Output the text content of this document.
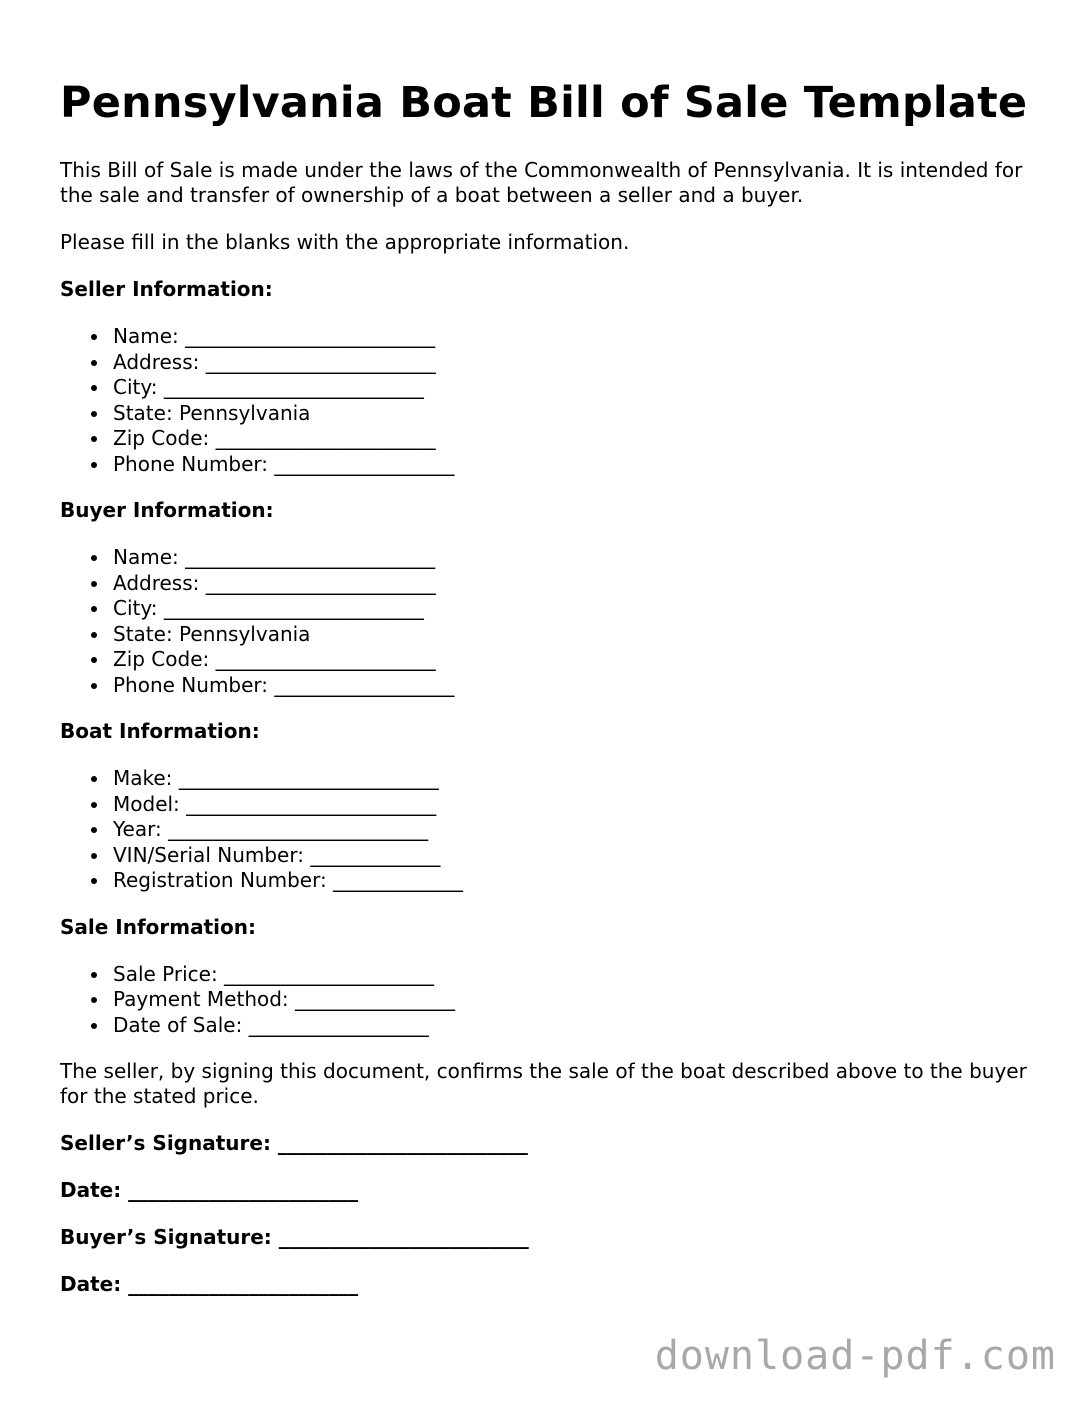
Pennsylvania Boat Bill of Sale Template

This Bill of Sale is made under the laws of the Commonwealth of Pennsylvania. It is intended for the sale and transfer of ownership of a boat between a seller and a buyer.

Please fill in the blanks with the appropriate information.

Seller Information:
Name: _________________________
Address: _______________________
City: __________________________
State: Pennsylvania
Zip Code: ______________________
Phone Number: __________________
Buyer Information:
Name: _________________________
Address: _______________________
City: __________________________
State: Pennsylvania
Zip Code: ______________________
Phone Number: __________________
Boat Information:
Make: __________________________
Model: _________________________
Year: __________________________
VIN/Serial Number: _____________
Registration Number: _____________
Sale Information:
Sale Price: _____________________
Payment Method: ________________
Date of Sale: __________________

The seller, by signing this document, confirms the sale of the boat described above to the buyer for the stated price.

Seller’s Signature: _________________________
Date: _______________________
Buyer’s Signature: _________________________
Date: _______________________
download-pdf.com
